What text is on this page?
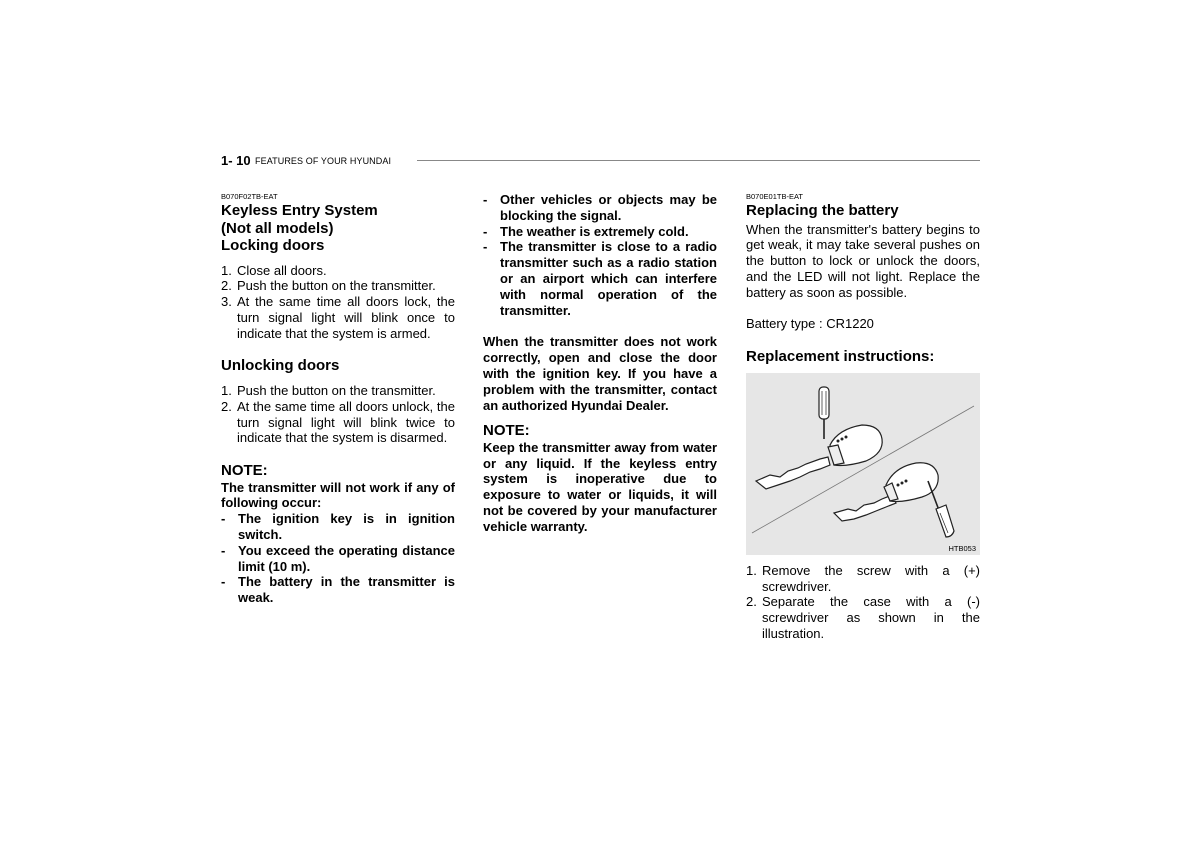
1- 10 FEATURES OF YOUR HYUNDAI
B070F02TB-EAT
Keyless Entry System
(Not all models)
Locking doors
1. Close all doors.
2. Push the button on the transmitter.
3. At the same time all doors lock, the turn signal light will blink once to indicate that the system is armed.
Unlocking doors
1. Push the button on the transmitter.
2. At the same time all doors unlock, the turn signal light will blink twice to indicate that the system is disarmed.
NOTE:

The transmitter will not work if any of following occur:

- The ignition key is in ignition switch.
- You exceed the operating distance limit (10 m).
- The battery in the transmitter is weak.
- Other vehicles or objects may be blocking the signal.
- The weather is extremely cold.
- The transmitter is close to a radio transmitter such as a radio station or an airport which can interfere with normal operation of the transmitter.

When the transmitter does not work correctly, open and close the door with the ignition key. If you have a problem with the transmitter, contact an authorized Hyundai Dealer.

NOTE:

Keep the transmitter away from water or any liquid. If the keyless entry system is inoperative due to exposure to water or liquids, it will not be covered by your manufacturer vehicle warranty.

B070E01TB-EAT
Replacing the battery

When the transmitter's battery begins to get weak, it may take several pushes on the button to lock or unlock the doors, and the LED will not light. Replace the battery as soon as possible.

Battery type : CR1220

Replacement instructions:
HTB053
1. Remove the screw with a (+) screwdriver.
2. Separate the case with a (-) screwdriver as shown in the illustration.
